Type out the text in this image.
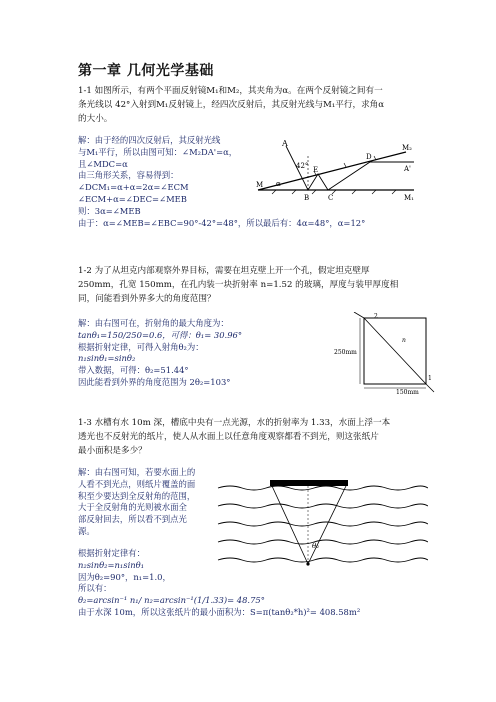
第一章 几何光学基础
1-1 如图所示，有两个平面反射镜M₁和M₂，其夹角为α。在两个反射镜之间有一
条光线以 42°入射到M₁反射镜上，经四次反射后，其反射光线与M₁平行，求角α
的大小。
解：由于经的四次反射后，其反射光线
与M₁平行，所以由图可知：∠M₂DA'=α，
且∠MDC=α
由三角形关系，容易得到：
∠DCM₁=α+α=2α=∠ECM
∠ECM+α=∠DEC=∠MEB
则：3α=∠MEB
由于：α=∠MEB=∠EBC=90°-42°=48°，所以最后有：4α=48°，α=12°
A
E
D
M₂
A'
M
B	C	M₁
42°
α
1-2 为了从坦克内部观察外界目标，需要在坦克壁上开一个孔，假定坦克壁厚
250mm，孔宽 150mm，在孔内装一块折射率 n=1.52 的玻璃，厚度与装甲厚度相
同，问能看到外界多大的角度范围？
解：由右图可在，折射角的最大角度为：
tanθ₁=150/250=0.6，可得：θ₁= 30.96°
根据折射定律，可得入射角θ₂为：
n₁sinθ₁=sinθ₂
带入数据，可得：θ₂=51.44°
因此能看到外界的角度范围为 2θ₂=103°
2
n
250mm
150mm
1
1-3 水槽有水 10m 深，槽底中央有一点光源，水的折射率为 1.33，水面上浮一本
透光也不反射光的纸片，使人从水面上以任意角度观察都看不到光，则这张纸片
最小面积是多少？
解：由右图可知，若要水面上的
人看不到光点，则纸片覆盖的面
积至少要达到全反射角的范围，
大于全反射角的光则被水面全
部反射回去，所以看不到点光
源。
θ₂
根据折射定律有：
n₂sinθ₂=n₁sinθ₁
因为θ₂=90°，n₁=1.0，
所以有：
θ₂=arcsin⁻¹ n₁/ n₂=arcsin⁻¹(1/1.33)= 48.75°
由于水深 10m，所以这张纸片的最小面积为：S=π(tanθ₂*h)²= 408.58m²
